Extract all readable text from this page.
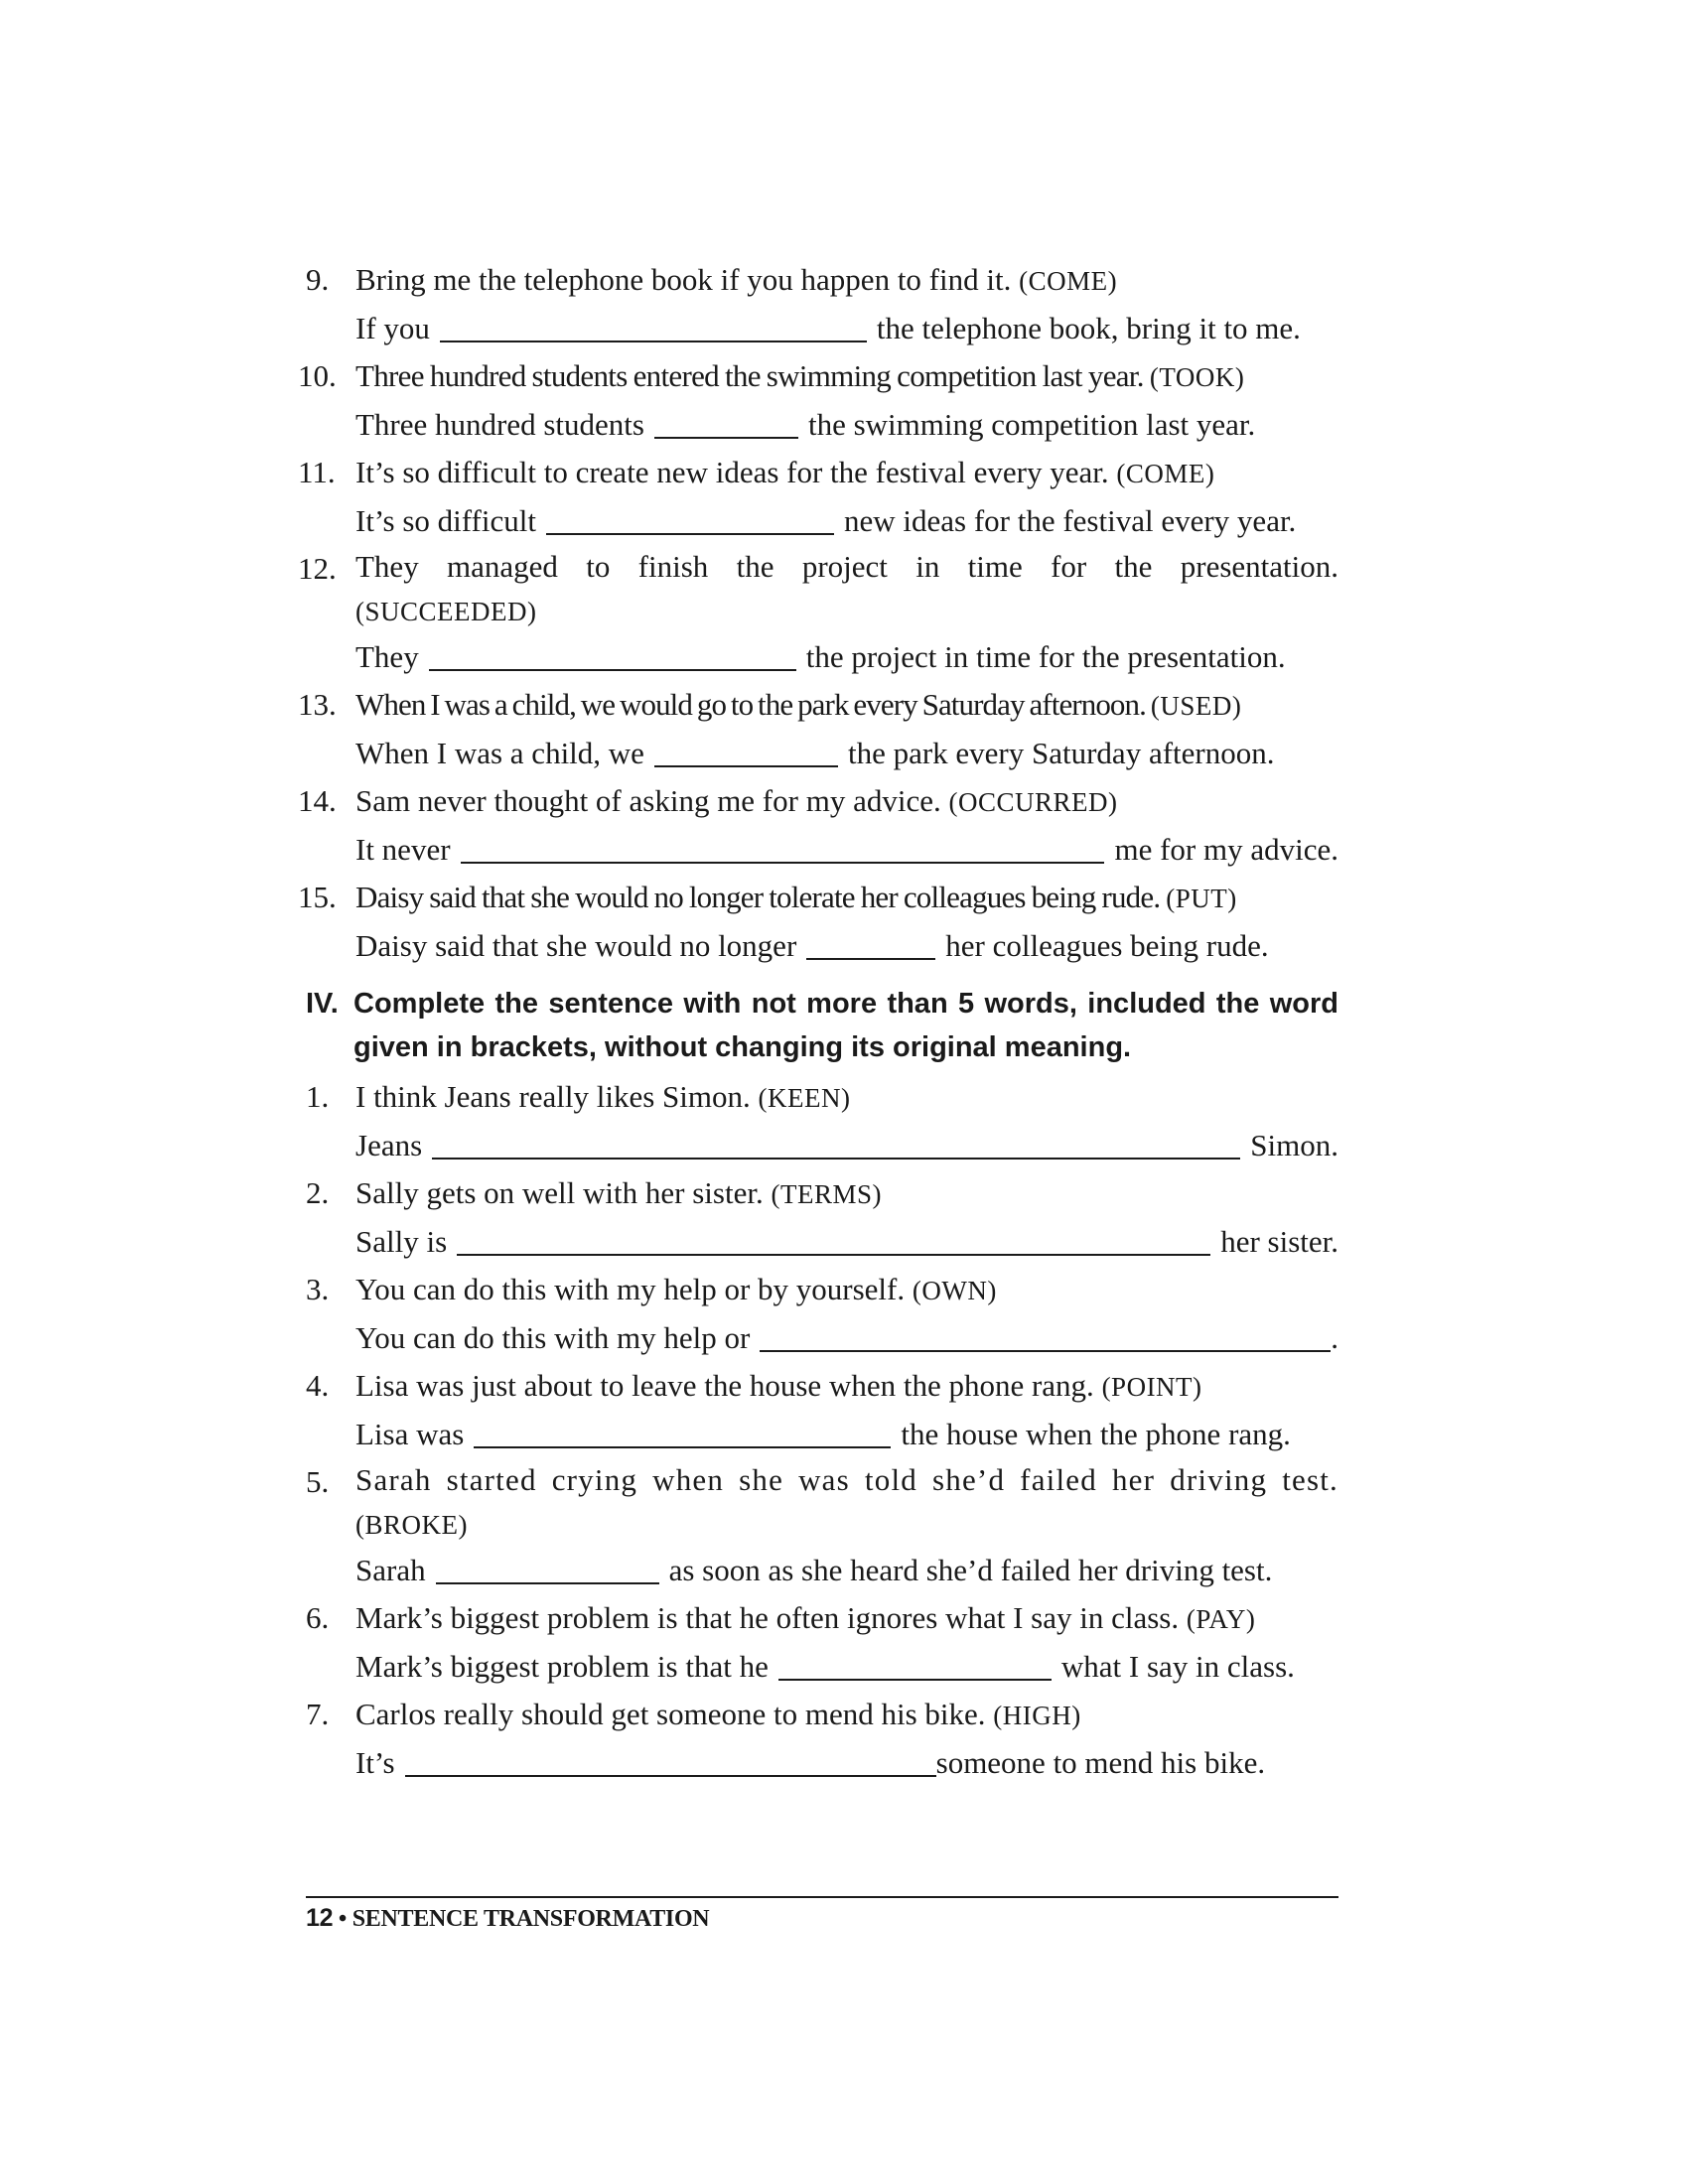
9. Bring me the telephone book if you happen to find it. (COME)
If you	the telephone book, bring it to me.
10. Three hundred students entered the swimming competition last year. (TOOK)
Three hundred students	the swimming competition last year.
11. It’s so difficult to create new ideas for the festival every year. (COME)
It’s so difficult	new ideas for the festival every year.
12. They managed to finish the project in time for the presentation. (SUCCEEDED)
They	the project in time for the presentation.
13. When I was a child, we would go to the park every Saturday afternoon. (USED)
When I was a child, we	the park every Saturday afternoon.
14. Sam never thought of asking me for my advice. (OCCURRED)
It never	me for my advice.
15. Daisy said that she would no longer tolerate her colleagues being rude. (PUT)
Daisy said that she would no longer	her colleagues being rude.
IV. Complete the sentence with not more than 5 words, included the word given in brackets, without changing its original meaning.
1. I think Jeans really likes Simon. (KEEN)
Jeans	Simon.
2. Sally gets on well with her sister. (TERMS)
Sally is	her sister.
3. You can do this with my help or by yourself. (OWN)
You can do this with my help or	.
4. Lisa was just about to leave the house when the phone rang. (POINT)
Lisa was	the house when the phone rang.
5. Sarah started crying when she was told she’d failed her driving test. (BROKE)
Sarah	as soon as she heard she’d failed her driving test.
6. Mark’s biggest problem is that he often ignores what I say in class. (PAY)
Mark’s biggest problem is that he	what I say in class.
7. Carlos really should get someone to mend his bike. (HIGH)
It’s	someone to mend his bike.
12 • SENTENCE TRANSFORMATION
